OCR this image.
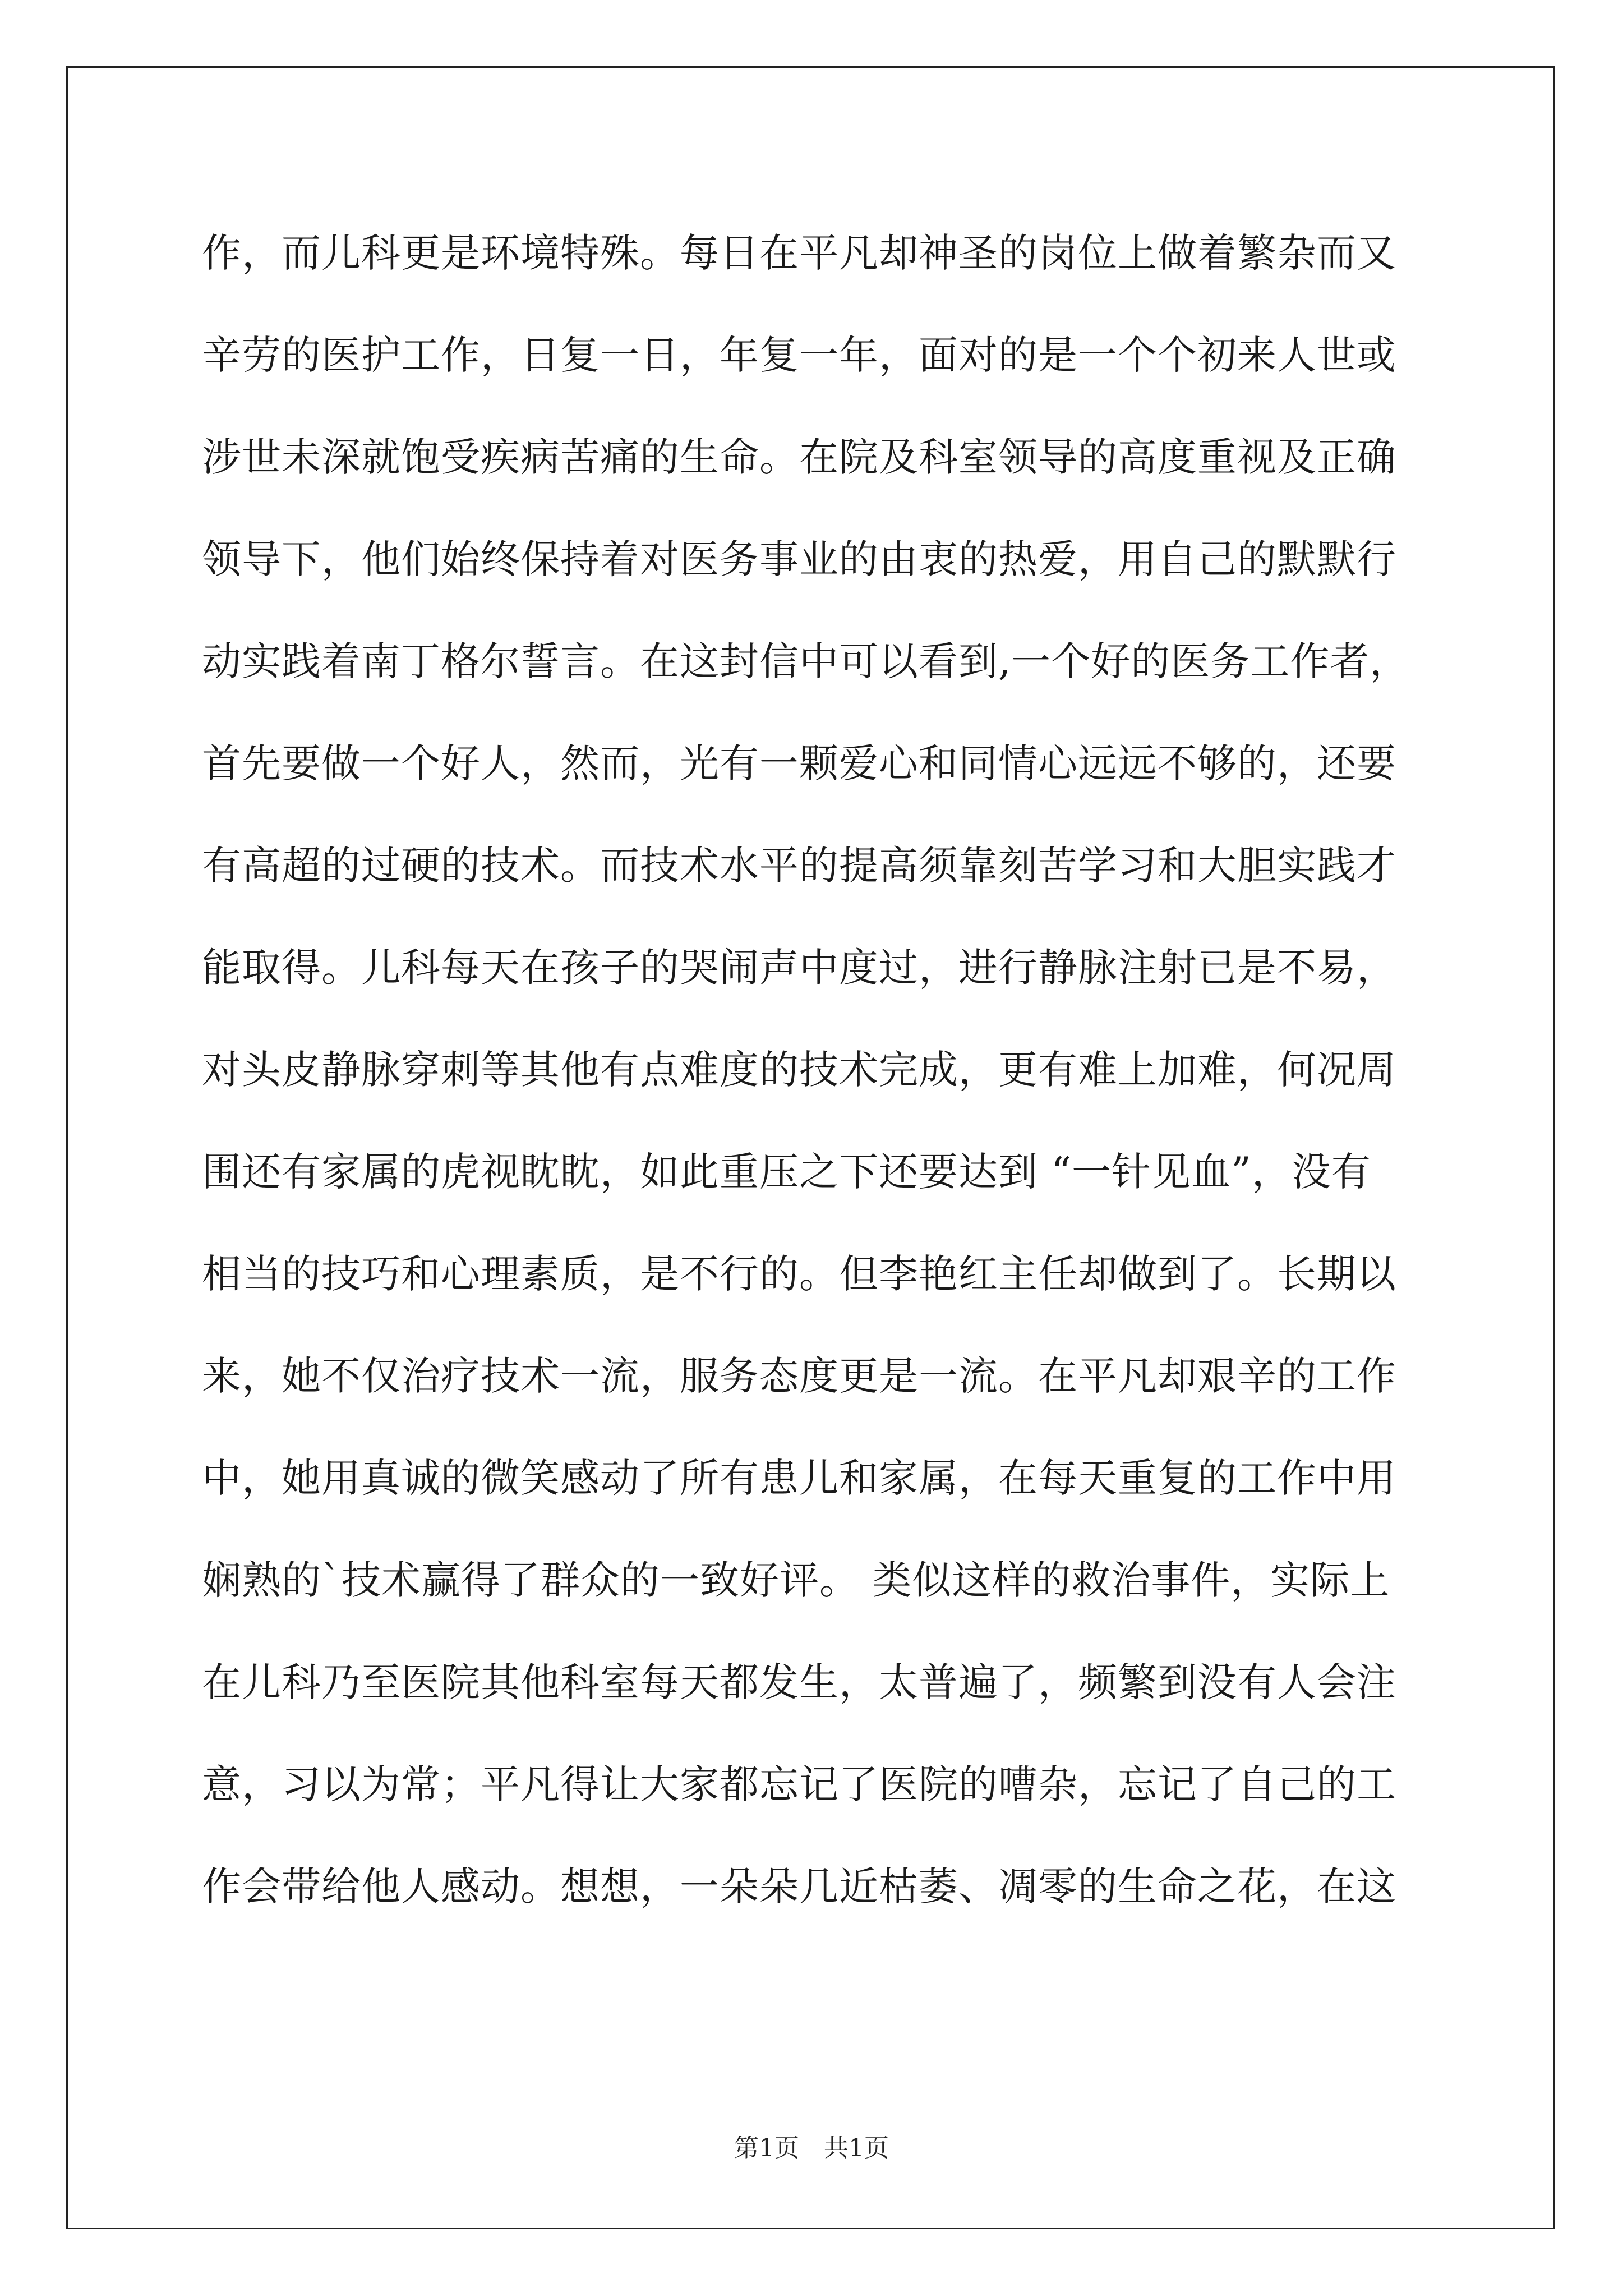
作，而儿科更是环境特殊。每日在平凡却神圣的岗位上做着繁杂而又
辛劳的医护工作，日复一日，年复一年，面对的是一个个初来人世或
涉世未深就饱受疾病苦痛的生命。在院及科室领导的高度重视及正确
领导下，他们始终保持着对医务事业的由衷的热爱，用自己的默默行
动实践着南丁格尔誓言。在这封信中可以看到,一个好的医务工作者，
首先要做一个好人，然而，光有一颗爱心和同情心远远不够的，还要
有高超的过硬的技术。而技术水平的提高须靠刻苦学习和大胆实践才
能取得。儿科每天在孩子的哭闹声中度过，进行静脉注射已是不易，
对头皮静脉穿刺等其他有点难度的技术完成，更有难上加难，何况周
围还有家属的虎视眈眈，如此重压之下还要达到 “一针见血”，没有
相当的技巧和心理素质，是不行的。但李艳红主任却做到了。长期以
来，她不仅治疗技术一流，服务态度更是一流。在平凡却艰辛的工作
中，她用真诚的微笑感动了所有患儿和家属，在每天重复的工作中用
娴熟的`技术赢得了群众的一致好评。 类似这样的救治事件，实际上
在儿科乃至医院其他科室每天都发生，太普遍了，频繁到没有人会注
意，习以为常；平凡得让大家都忘记了医院的嘈杂，忘记了自己的工
作会带给他人感动。想想，一朵朵几近枯萎、凋零的生命之花，在这
第1页　共1页
